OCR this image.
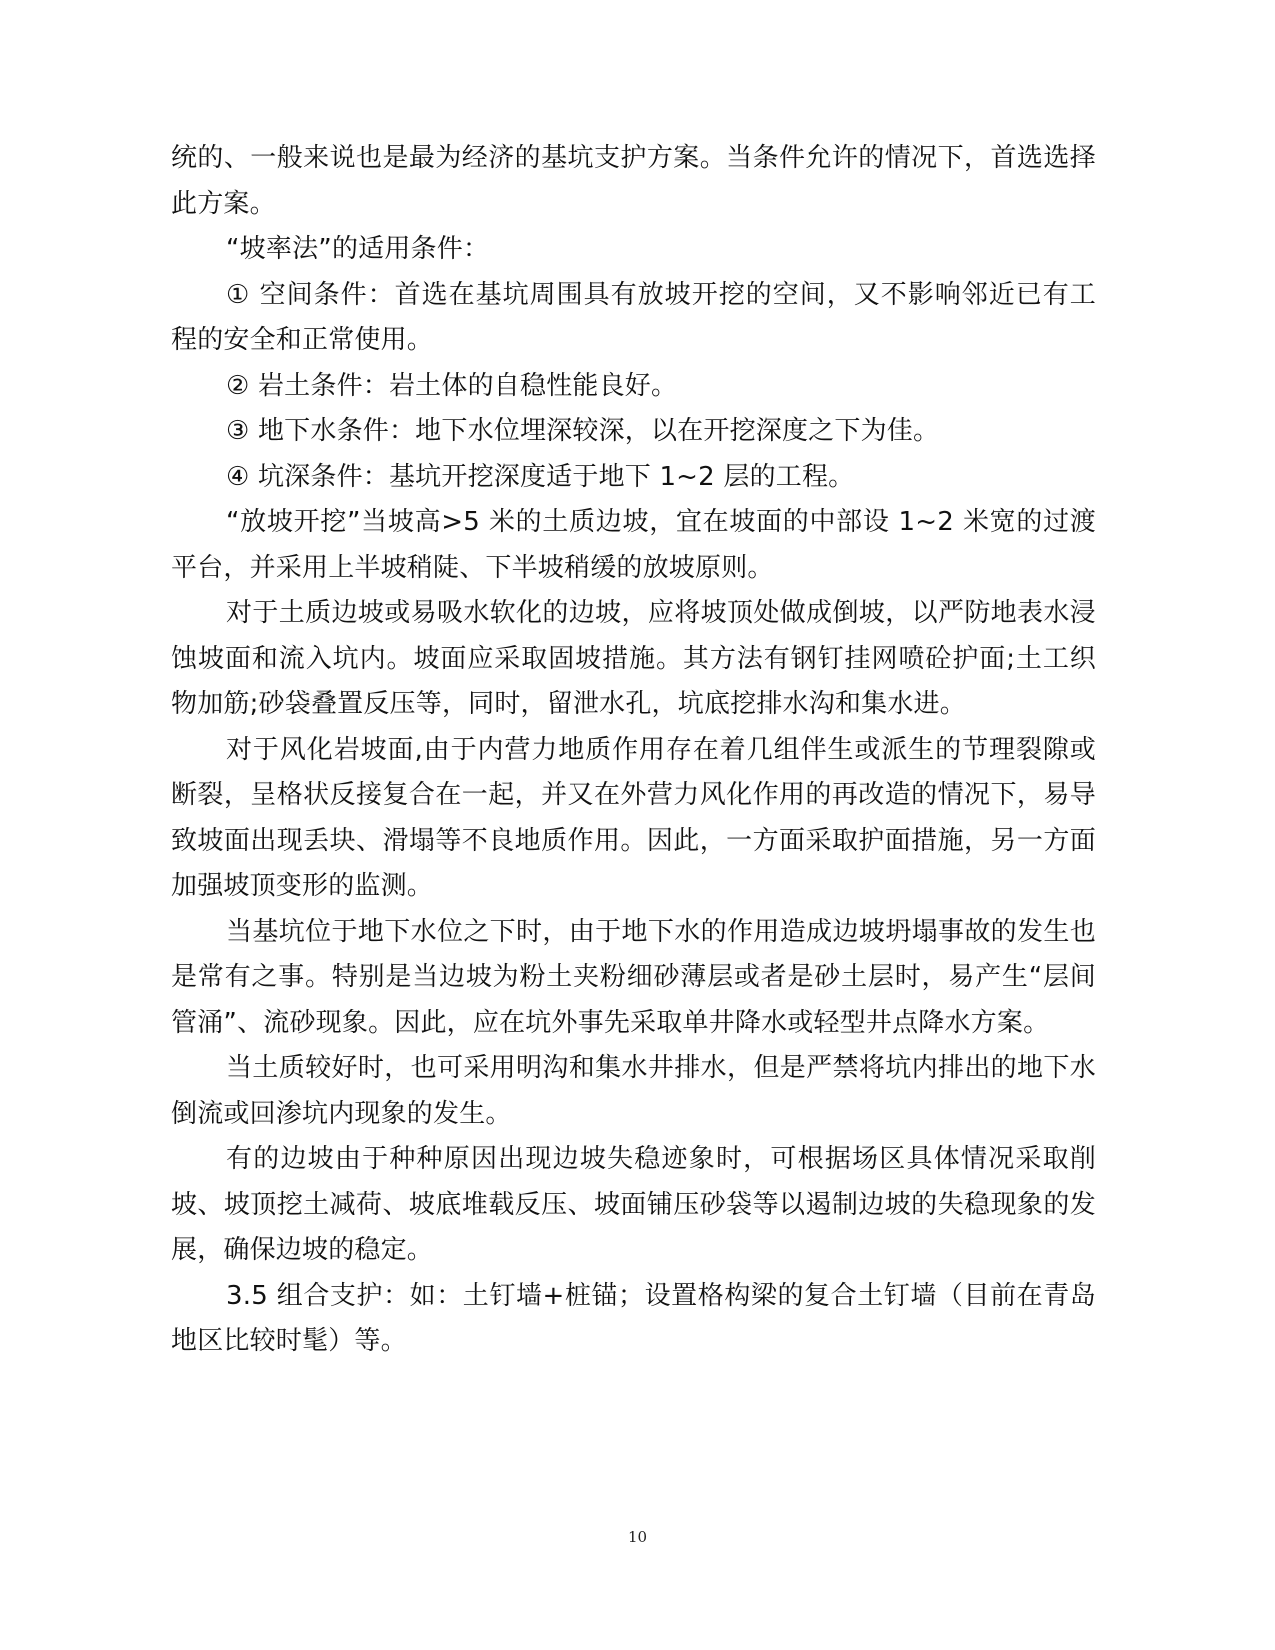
统的、一般来说也是最为经济的基坑支护方案。当条件允许的情况下，首选选择此方案。

“坡率法”的适用条件：

① 空间条件：首选在基坑周围具有放坡开挖的空间，又不影响邻近已有工程的安全和正常使用。

② 岩土条件：岩土体的自稳性能良好。

③ 地下水条件：地下水位埋深较深，以在开挖深度之下为佳。

④ 坑深条件：基坑开挖深度适于地下 1~2 层的工程。

“放坡开挖”当坡高>5 米的土质边坡，宜在坡面的中部设 1~2 米宽的过渡平台，并采用上半坡稍陡、下半坡稍缓的放坡原则。

对于土质边坡或易吸水软化的边坡，应将坡顶处做成倒坡，以严防地表水浸蚀坡面和流入坑内。坡面应采取固坡措施。其方法有钢钉挂网喷砼护面;土工织物加筋;砂袋叠置反压等，同时，留泄水孔，坑底挖排水沟和集水进。

对于风化岩坡面,由于内营力地质作用存在着几组伴生或派生的节理裂隙或断裂，呈格状反接复合在一起，并又在外营力风化作用的再改造的情况下，易导致坡面出现丢块、滑塌等不良地质作用。因此，一方面采取护面措施，另一方面加强坡顶变形的监测。

当基坑位于地下水位之下时，由于地下水的作用造成边坡坍塌事故的发生也是常有之事。特别是当边坡为粉土夹粉细砂薄层或者是砂土层时，易产生“层间管涌”、流砂现象。因此，应在坑外事先采取单井降水或轻型井点降水方案。

当土质较好时，也可采用明沟和集水井排水，但是严禁将坑内排出的地下水倒流或回渗坑内现象的发生。

有的边坡由于种种原因出现边坡失稳迹象时，可根据场区具体情况采取削坡、坡顶挖土减荷、坡底堆载反压、坡面铺压砂袋等以遏制边坡的失稳现象的发展，确保边坡的稳定。

3.5 组合支护：如：土钉墙+桩锚；设置格构梁的复合土钉墙（目前在青岛地区比较时髦）等。

10
